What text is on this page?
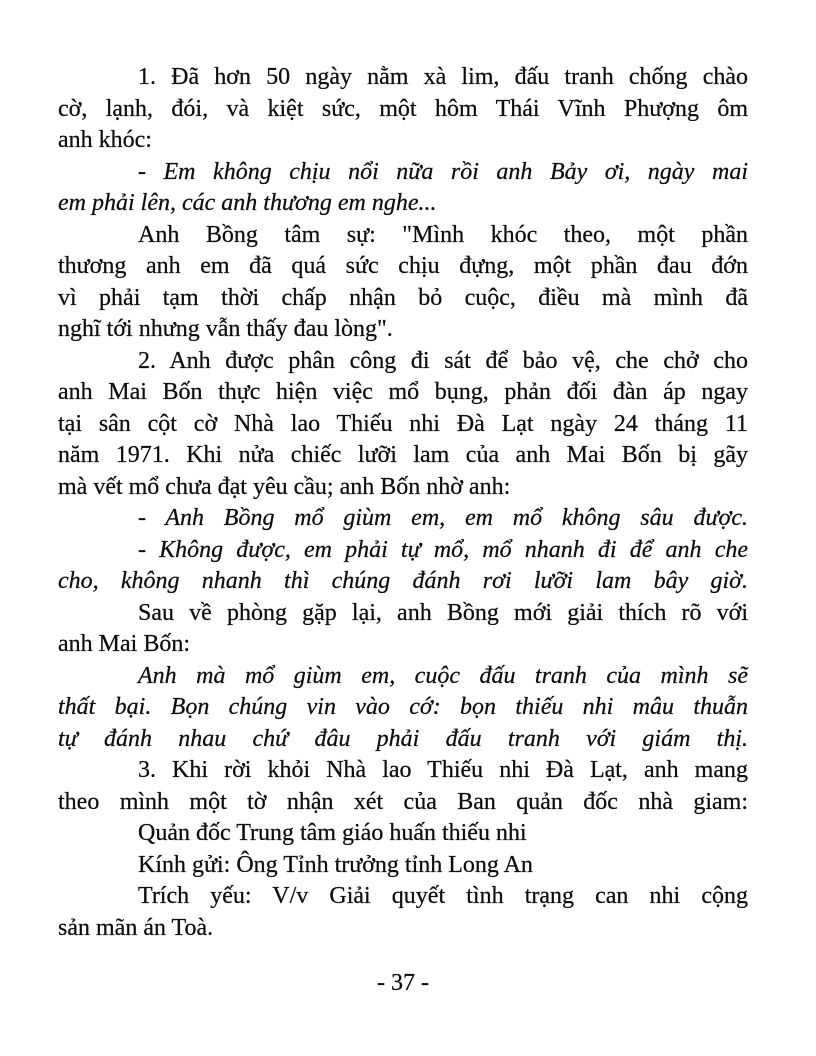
1. Đã hơn 50 ngày nằm xà lim, đấu tranh chống chào
cờ, lạnh, đói, và kiệt sức, một hôm Thái Vĩnh Phượng ôm
anh khóc:
- Em không chịu nổi nữa rồi anh Bảy ơi, ngày mai
em phải lên, các anh thương em nghe...
Anh Bồng tâm sự: "Mình khóc theo, một phần
thương anh em đã quá sức chịu đựng, một phần đau đớn
vì phải tạm thời chấp nhận bỏ cuộc, điều mà mình đã
nghĩ tới nhưng vẫn thấy đau lòng".
2. Anh được phân công đi sát để bảo vệ, che chở cho
anh Mai Bốn thực hiện việc mổ bụng, phản đối đàn áp ngay
tại sân cột cờ Nhà lao Thiếu nhi Đà Lạt ngày 24 tháng 11
năm 1971. Khi nửa chiếc lưỡi lam của anh Mai Bốn bị gãy
mà vết mổ chưa đạt yêu cầu; anh Bốn nhờ anh:
- Anh Bồng mổ giùm em, em mổ không sâu được.
- Không được, em phải tự mổ, mổ nhanh đi để anh che
cho, không nhanh thì chúng đánh rơi lưỡi lam bây giờ.
Sau về phòng gặp lại, anh Bồng mới giải thích rõ với
anh Mai Bốn:
Anh mà mổ giùm em, cuộc đấu tranh của mình sẽ
thất bại. Bọn chúng vin vào cớ: bọn thiếu nhi mâu thuẫn
tự đánh nhau chứ đâu phải đấu tranh với giám thị.
3. Khi rời khỏi Nhà lao Thiếu nhi Đà Lạt, anh mang
theo mình một tờ nhận xét của Ban quản đốc nhà giam:
Quản đốc Trung tâm giáo huấn thiếu nhi
Kính gửi: Ông Tỉnh trưởng tỉnh Long An
Trích yếu: V/v Giải quyết tình trạng can nhi cộng
sản mãn án Toà.
- 37 -
